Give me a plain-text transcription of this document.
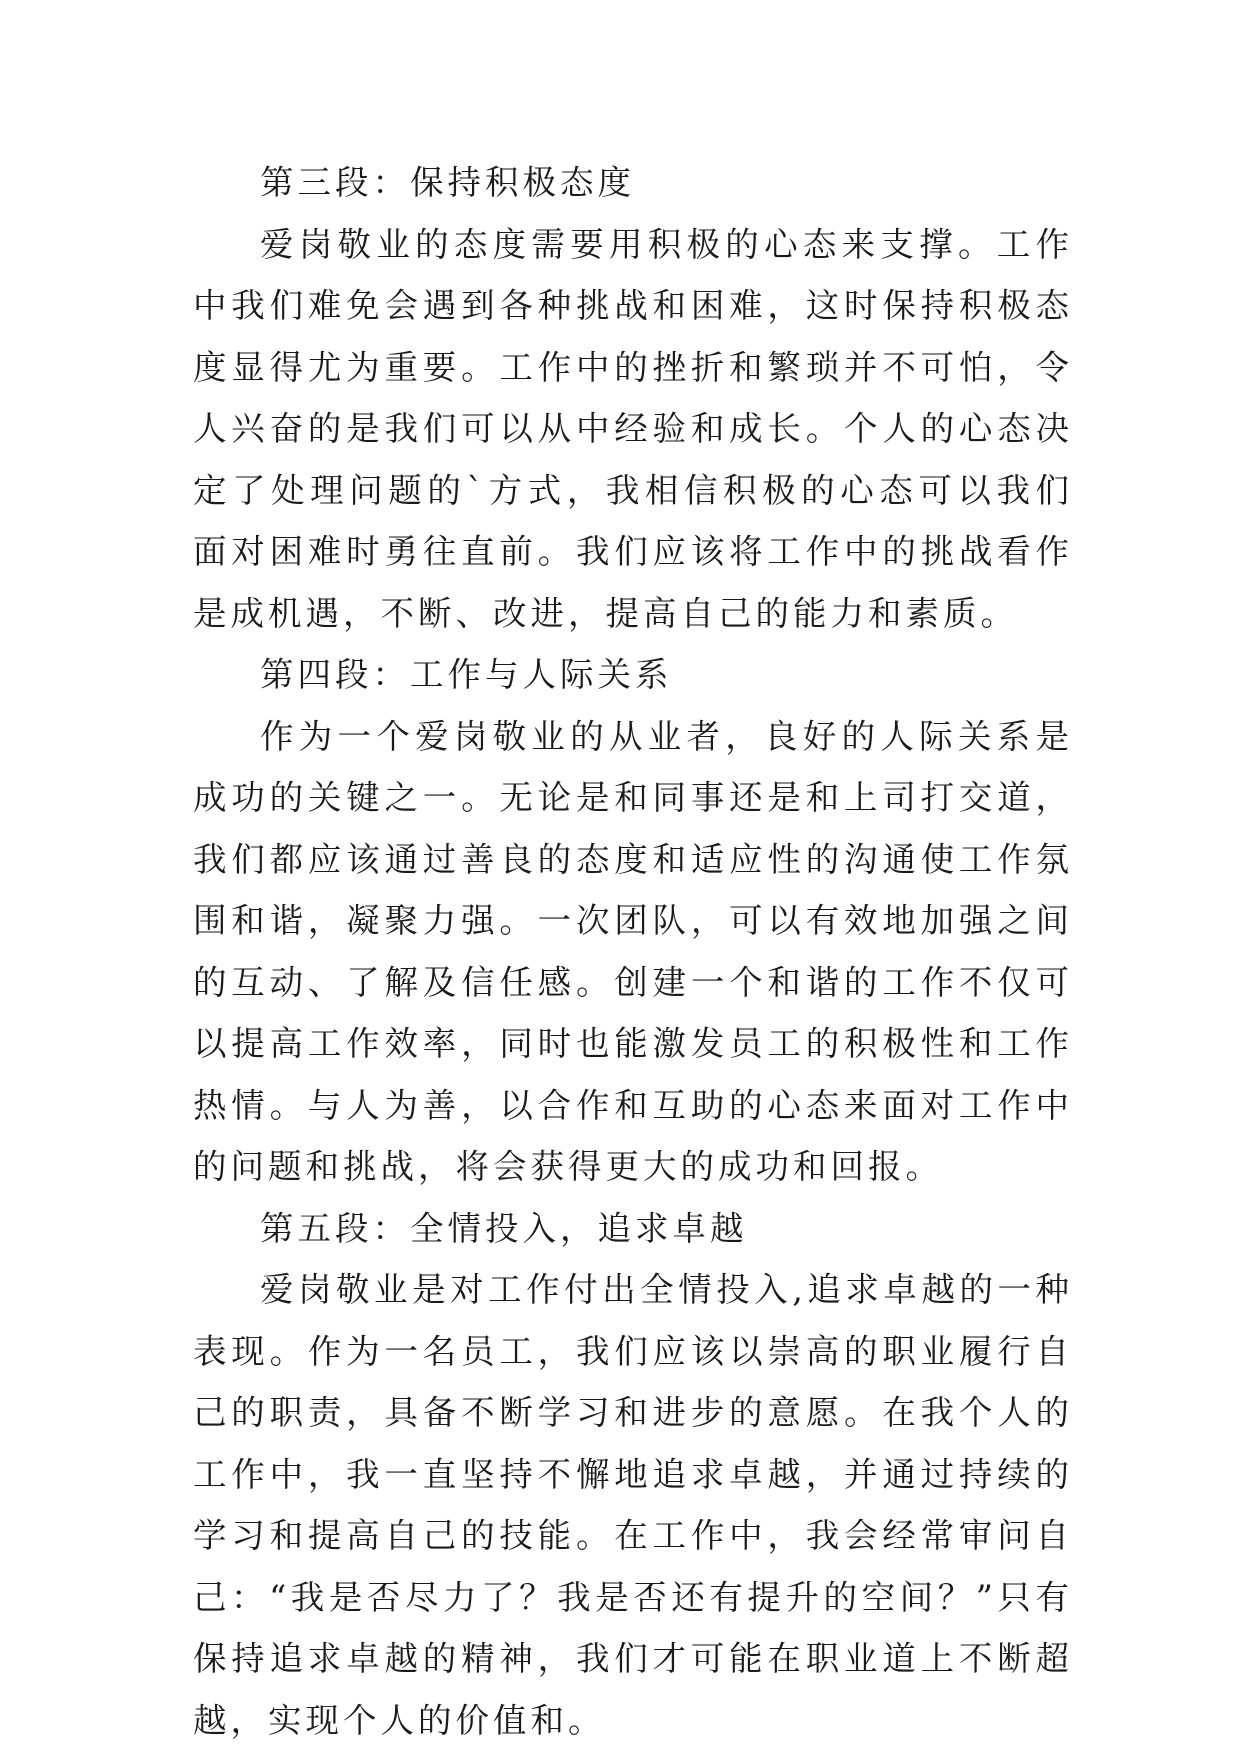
第三段：保持积极态度

爱岗敬业的态度需要用积极的心态来支撑。工作中我们难免会遇到各种挑战和困难，这时保持积极态度显得尤为重要。工作中的挫折和繁琐并不可怕，令人兴奋的是我们可以从中经验和成长。个人的心态决定了处理问题的`方式，我相信积极的心态可以我们面对困难时勇往直前。我们应该将工作中的挑战看作是成机遇，不断、改进，提高自己的能力和素质。

第四段：工作与人际关系

作为一个爱岗敬业的从业者，良好的人际关系是成功的关键之一。无论是和同事还是和上司打交道，我们都应该通过善良的态度和适应性的沟通使工作氛围和谐，凝聚力强。一次团队，可以有效地加强之间的互动、了解及信任感。创建一个和谐的工作不仅可以提高工作效率，同时也能激发员工的积极性和工作热情。与人为善，以合作和互助的心态来面对工作中的问题和挑战，将会获得更大的成功和回报。

第五段：全情投入，追求卓越

爱岗敬业是对工作付出全情投入,追求卓越的一种表现。作为一名员工，我们应该以崇高的职业履行自己的职责，具备不断学习和进步的意愿。在我个人的工作中，我一直坚持不懈地追求卓越，并通过持续的学习和提高自己的技能。在工作中，我会经常审问自己：“我是否尽力了？我是否还有提升的空间？”只有保持追求卓越的精神，我们才可能在职业道上不断超越，实现个人的价值和。
